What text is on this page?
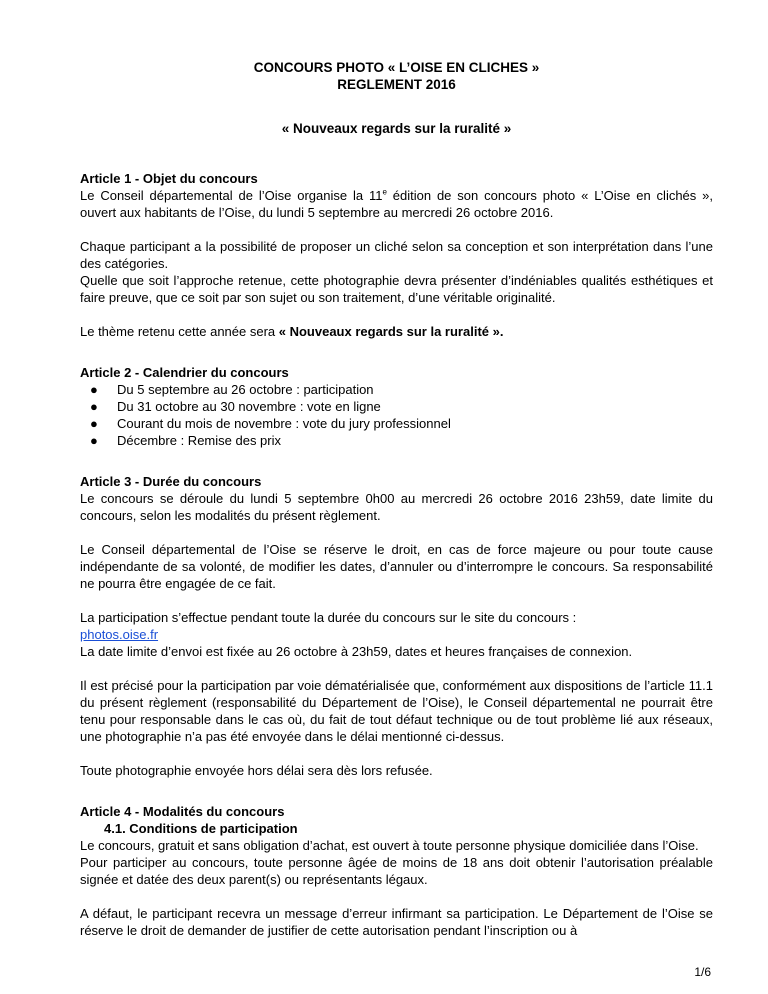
CONCOURS PHOTO « L’OISE EN CLICHES »
REGLEMENT 2016
« Nouveaux regards sur la ruralité »
Article 1 - Objet du concours

Le Conseil départemental de l’Oise organise la 11e édition de son concours photo « L’Oise en clichés », ouvert aux habitants de l’Oise, du lundi 5 septembre au mercredi 26 octobre 2016.

Chaque participant a la possibilité de proposer un cliché selon sa conception et son interprétation dans l’une des catégories.

Quelle que soit l’approche retenue, cette photographie devra présenter d’indéniables qualités esthétiques et faire preuve, que ce soit par son sujet ou son traitement, d’une véritable originalité.

Le thème retenu cette année sera « Nouveaux regards sur la ruralité ».

Article 2 - Calendrier du concours
● Du 5 septembre au 26 octobre : participation
● Du 31 octobre au 30 novembre : vote en ligne
● Courant du mois de novembre : vote du jury professionnel
● Décembre : Remise des prix
Article 3 - Durée du concours

Le concours se déroule du lundi 5 septembre 0h00 au mercredi 26 octobre 2016 23h59, date limite du concours, selon les modalités du présent règlement.

Le Conseil départemental de l’Oise se réserve le droit, en cas de force majeure ou pour toute cause indépendante de sa volonté, de modifier les dates, d’annuler ou d’interrompre le concours. Sa responsabilité ne pourra être engagée de ce fait.

La participation s’effectue pendant toute la durée du concours sur le site du concours :

photos.oise.fr

La date limite d’envoi est fixée au 26 octobre à 23h59, dates et heures françaises de connexion.

Il est précisé pour la participation par voie dématérialisée que, conformément aux dispositions de l’article 11.1 du présent règlement (responsabilité du Département de l’Oise), le Conseil départemental ne pourrait être tenu pour responsable dans le cas où, du fait de tout défaut technique ou de tout problème lié aux réseaux, une photographie n’a pas été envoyée dans le délai mentionné ci-dessus.

Toute photographie envoyée hors délai sera dès lors refusée.

Article 4 - Modalités du concours
4.1. Conditions de participation

Le concours, gratuit et sans obligation d’achat, est ouvert à toute personne physique domiciliée dans l’Oise.

Pour participer au concours, toute personne âgée de moins de 18 ans doit obtenir l’autorisation préalable signée et datée des deux parent(s) ou représentants légaux.

A défaut, le participant recevra un message d’erreur infirmant sa participation. Le Département de l’Oise se réserve le droit de demander de justifier de cette autorisation pendant l’inscription ou à

1/6
